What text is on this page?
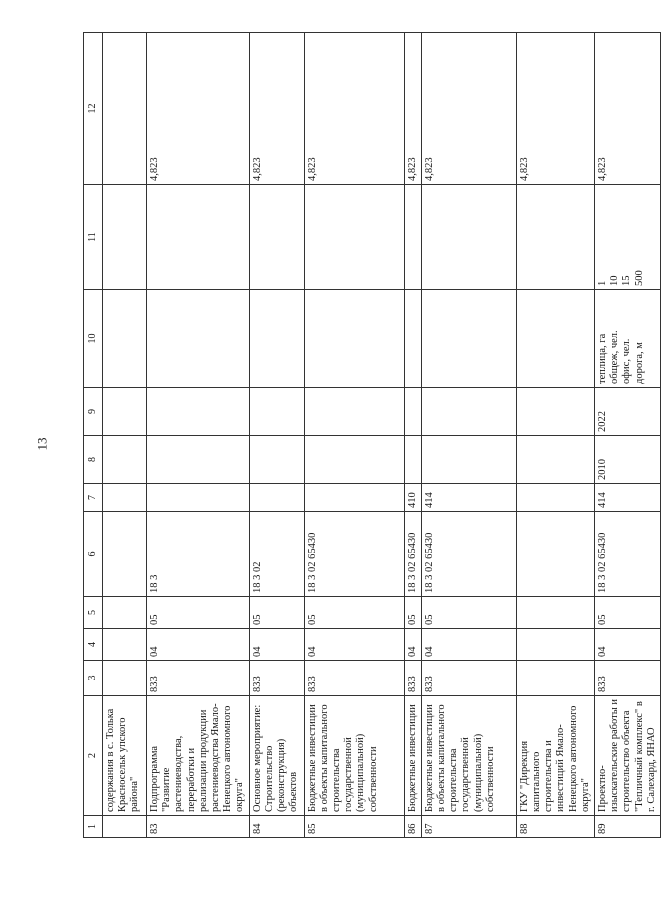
13
1	2	3	4	5	6	7	8	9	10	11	12
	содержания в с. Толька Красносельк упского района"										
83	Подпрограмма "Развитие растениеводства, переработки и реализации продукции растениеводства Ямало-Ненецкого автономного округа"	833	04	05	18 3						4,823
84	Основное мероприятие: Строительство (реконструкция) объектов	833	04	05	18 3 02						4,823
85	Бюджетные инвестиции в объекты капитального строительства государственной (муниципальной) собственности	833	04	05	18 3 02 65430						4,823
86	Бюджетные инвестиции	833	04	05	18 3 02 65430	410					4,823
87	Бюджетные инвестиции в объекты капитального строительства государственной (муниципальной) собственности	833	04	05	18 3 02 65430	414					4,823
88	ГКУ "Дирекция капитального строительства и инвестиций Ямало-Ненецкого автономного округа"										4,823
89	Проектно-изыскательские работы и строительство объекта "Тепличный комплекс" в г. Салехард, ЯНАО	833	04	05	18 3 02 65430	414	2010	2022	теплица, га общеж, чел. офис, чел. дорога, м	1 10 15 500	4,823
